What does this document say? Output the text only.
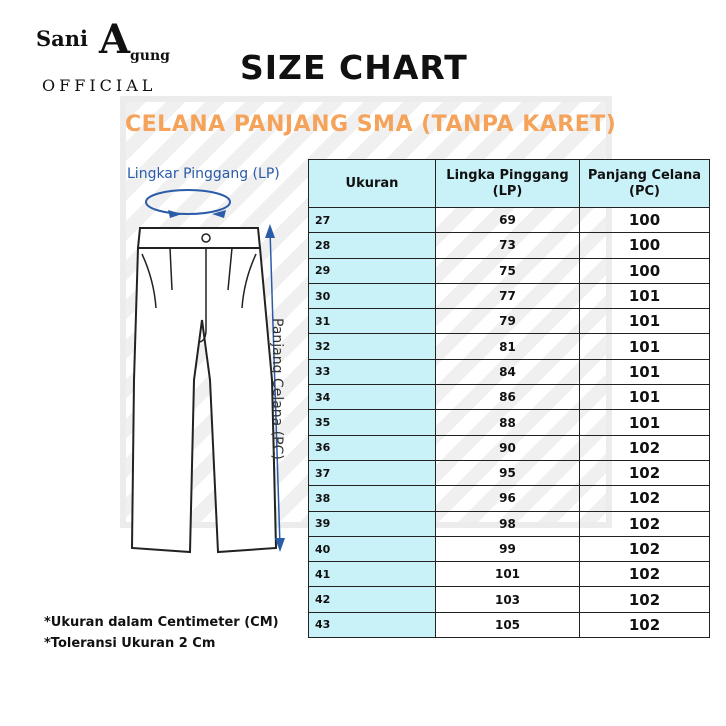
Sani A gung
OFFICIAL	SIZE CHART
CELANA PANJANG SMA (TANPA KARET)
Lingkar Pinggang (LP)
Panjang Celana (PC)
Ukuran	Lingka Pinggang (LP)	Panjang Celana (PC)
27	69	100
28	73	100
29	75	100
30	77	101
31	79	101
32	81	101
33	84	101
34	86	101
35	88	101
36	90	102
37	95	102
38	96	102
39	98	102
40	99	102
41	101	102
42	103	102
43	105	102
*Ukuran dalam Centimeter (CM)
*Toleransi Ukuran 2 Cm
